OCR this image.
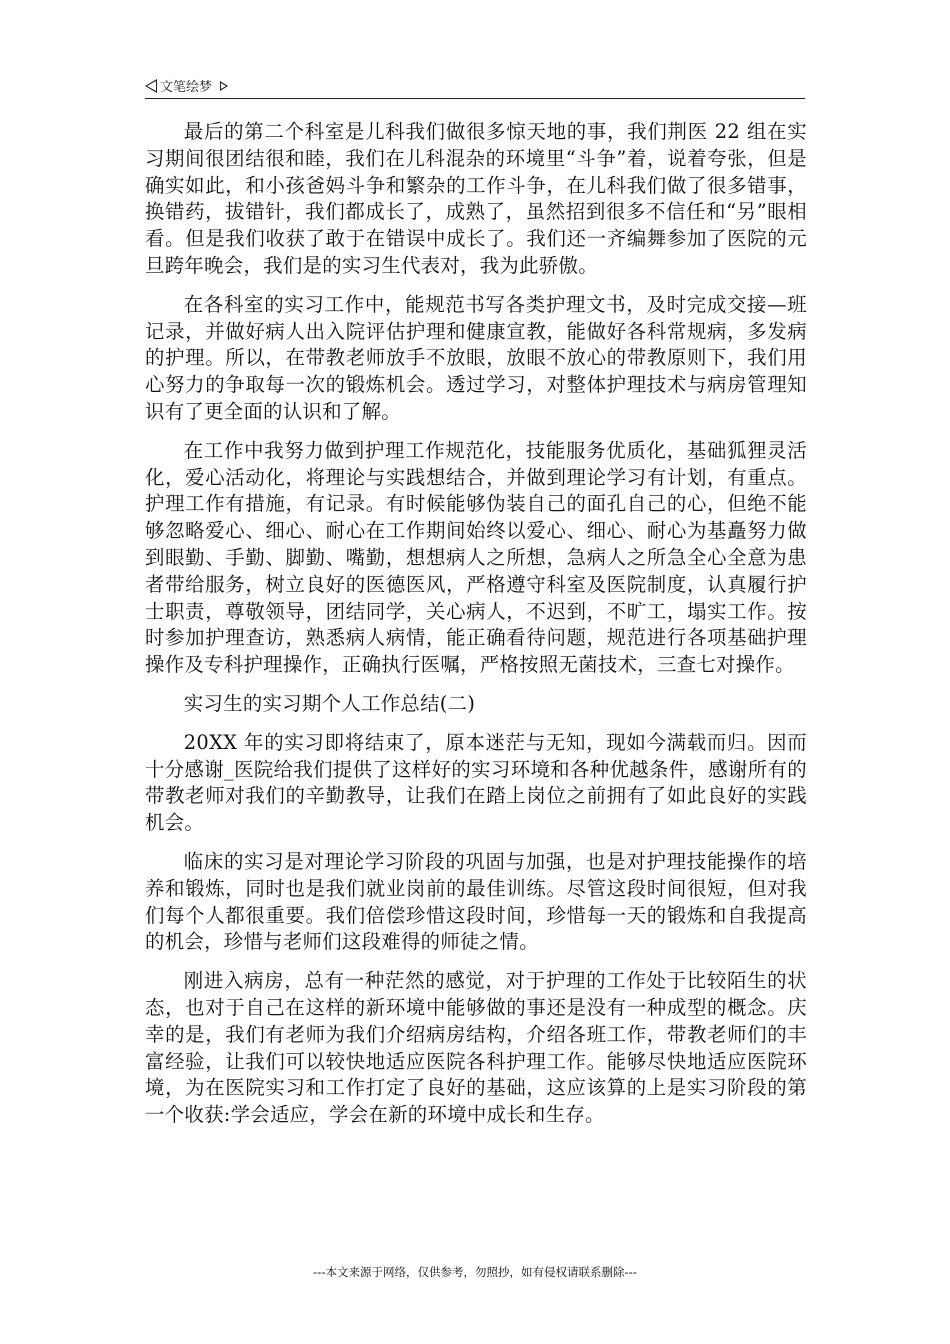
文笔绘梦

最后的第二个科室是儿科我们做很多惊天地的事，我们荆医 22 组在实习期间很团结很和睦，我们在儿科混杂的环境里“斗争”着，说着夸张，但是确实如此，和小孩爸妈斗争和繁杂的工作斗争，在儿科我们做了很多错事，换错药，拔错针，我们都成长了，成熟了，虽然招到很多不信任和“另”眼相看。但是我们收获了敢于在错误中成长了。我们还一齐编舞参加了医院的元旦跨年晚会，我们是的实习生代表对，我为此骄傲。

在各科室的实习工作中，能规范书写各类护理文书，及时完成交接—班记录，并做好病人出入院评估护理和健康宣教，能做好各科常规病，多发病的护理。所以，在带教老师放手不放眼，放眼不放心的带教原则下，我们用心努力的争取每一次的锻炼机会。透过学习，对整体护理技术与病房管理知识有了更全面的认识和了解。

在工作中我努力做到护理工作规范化，技能服务优质化，基础狐狸灵活化，爱心活动化，将理论与实践想结合，并做到理论学习有计划，有重点。护理工作有措施，有记录。有时候能够伪装自己的面孔自己的心，但绝不能够忽略爱心、细心、耐心在工作期间始终以爱心、细心、耐心为基矗努力做到眼勤、手勤、脚勤、嘴勤，想想病人之所想，急病人之所急全心全意为患者带给服务，树立良好的医德医风，严格遵守科室及医院制度，认真履行护士职责，尊敬领导，团结同学，关心病人，不迟到，不旷工，塌实工作。按时参加护理查访，熟悉病人病情，能正确看待问题，规范进行各项基础护理操作及专科护理操作，正确执行医嘱，严格按照无菌技术，三查七对操作。

实习生的实习期个人工作总结(二)

20XX 年的实习即将结束了，原本迷茫与无知，现如今满载而归。因而十分感谢_医院给我们提供了这样好的实习环境和各种优越条件，感谢所有的带教老师对我们的辛勤教导，让我们在踏上岗位之前拥有了如此良好的实践机会。

临床的实习是对理论学习阶段的巩固与加强，也是对护理技能操作的培养和锻炼，同时也是我们就业岗前的最佳训练。尽管这段时间很短，但对我们每个人都很重要。我们倍偿珍惜这段时间，珍惜每一天的锻炼和自我提高的机会，珍惜与老师们这段难得的师徒之情。

刚进入病房，总有一种茫然的感觉，对于护理的工作处于比较陌生的状态，也对于自己在这样的新环境中能够做的事还是没有一种成型的概念。庆幸的是，我们有老师为我们介绍病房结构，介绍各班工作，带教老师们的丰富经验，让我们可以较快地适应医院各科护理工作。能够尽快地适应医院环境，为在医院实习和工作打定了良好的基础，这应该算的上是实习阶段的第一个收获:学会适应，学会在新的环境中成长和生存。

---本文来源于网络，仅供参考，勿照抄，如有侵权请联系删除---
